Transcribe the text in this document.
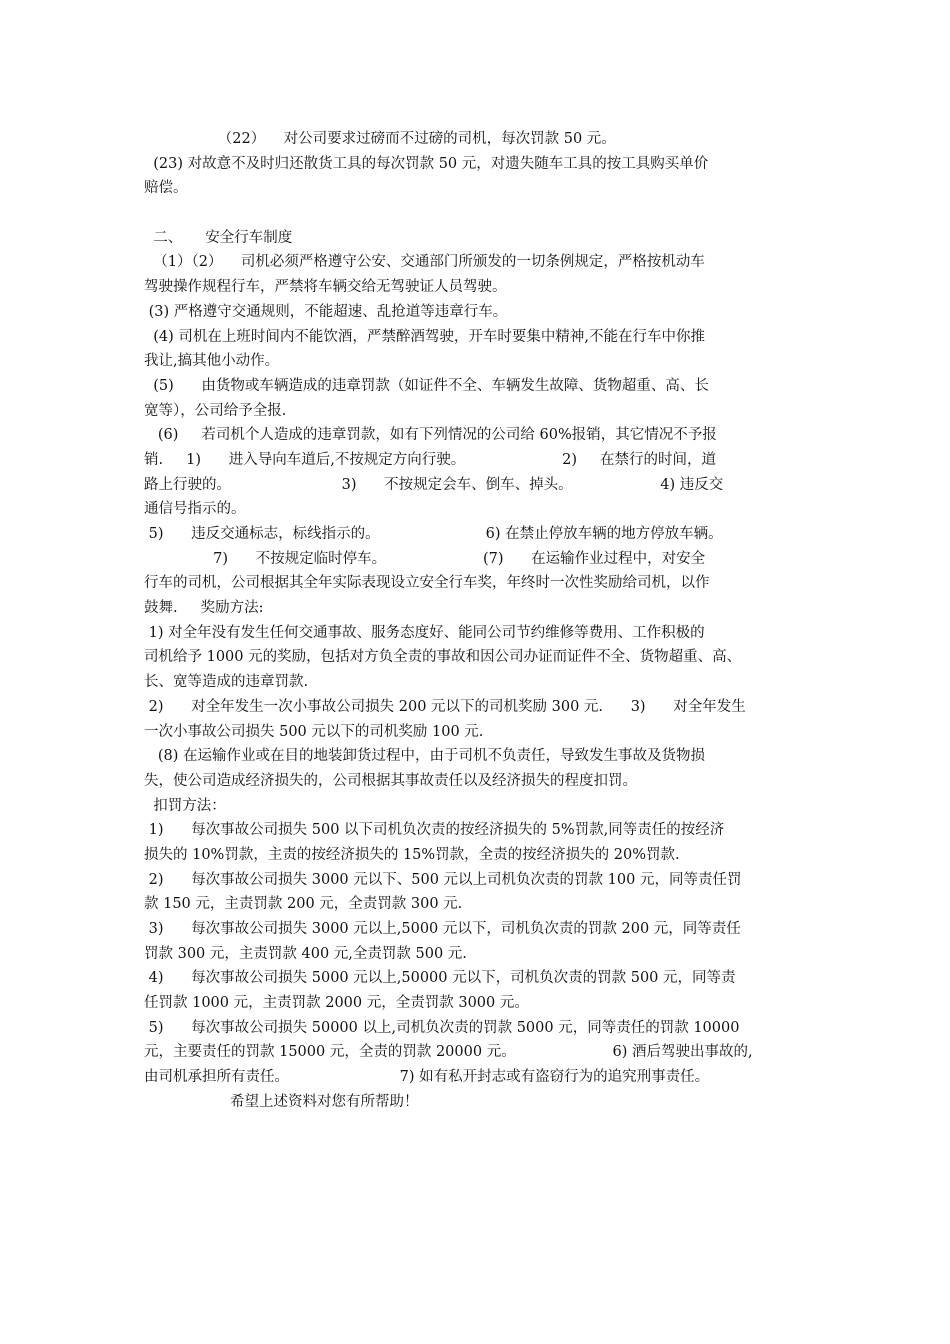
（22）    对公司要求过磅而不过磅的司机，每次罚款 50 元。
(23) 对故意不及时归还散货工具的每次罚款 50 元，对遗失随车工具的按工具购买单价
赔偿。
二、     安全行车制度
（1）（2）    司机必须严格遵守公安、交通部门所颁发的一切条例规定，严格按机动车
驾驶操作规程行车，严禁将车辆交给无驾驶证人员驾驶。
(3) 严格遵守交通规则，不能超速、乱抢道等违章行车。
(4) 司机在上班时间内不能饮酒，严禁醉酒驾驶，开车时要集中精神,不能在行车中你推
我让,搞其他小动作。
(5)      由货物或车辆造成的违章罚款（如证件不全、车辆发生故障、货物超重、高、长
宽等），公司给予全报.
(6)     若司机个人造成的违章罚款，如有下列情况的公司给 60%报销，其它情况不予报
销.     1)      进入导向车道后,不按规定方向行驶。                     2)     在禁行的时间，道
路上行驶的。                        3)      不按规定会车、倒车、掉头。                   4) 违反交
通信号指示的。
5)      违反交通标志，标线指示的。                       6) 在禁止停放车辆的地方停放车辆。
7)      不按规定临时停车。                     (7)      在运输作业过程中，对安全
行车的司机，公司根据其全年实际表现设立安全行车奖，年终时一次性奖励给司机，以作
鼓舞.     奖励方法:
1) 对全年没有发生任何交通事故、服务态度好、能同公司节约维修等费用、工作积极的
司机给予 1000 元的奖励，包括对方负全责的事故和因公司办证而证件不全、货物超重、高、
长、宽等造成的违章罚款.
2)      对全年发生一次小事故公司损失 200 元以下的司机奖励 300 元.      3)      对全年发生
一次小事故公司损失 500 元以下的司机奖励 100 元.
(8) 在运输作业或在目的地装卸货过程中，由于司机不负责任，导致发生事故及货物损
失，使公司造成经济损失的，公司根据其事故责任以及经济损失的程度扣罚。
扣罚方法：
1)      每次事故公司损失 500 以下司机负次责的按经济损失的 5%罚款,同等责任的按经济
损失的 10%罚款，主责的按经济损失的 15%罚款，全责的按经济损失的 20%罚款.
2)      每次事故公司损失 3000 元以下、500 元以上司机负次责的罚款 100 元，同等责任罚
款 150 元，主责罚款 200 元，全责罚款 300 元.
3)      每次事故公司损失 3000 元以上,5000 元以下，司机负次责的罚款 200 元，同等责任
罚款 300 元，主责罚款 400 元,全责罚款 500 元.
4)      每次事故公司损失 5000 元以上,50000 元以下，司机负次责的罚款 500 元，同等责
任罚款 1000 元，主责罚款 2000 元，全责罚款 3000 元。
5)      每次事故公司损失 50000 以上,司机负次责的罚款 5000 元，同等责任的罚款 10000
元，主要责任的罚款 15000 元，全责的罚款 20000 元。                     6) 酒后驾驶出事故的,
由司机承担所有责任。                        7) 如有私开封志或有盗窃行为的追究刑事责任。
希望上述资料对您有所帮助！
